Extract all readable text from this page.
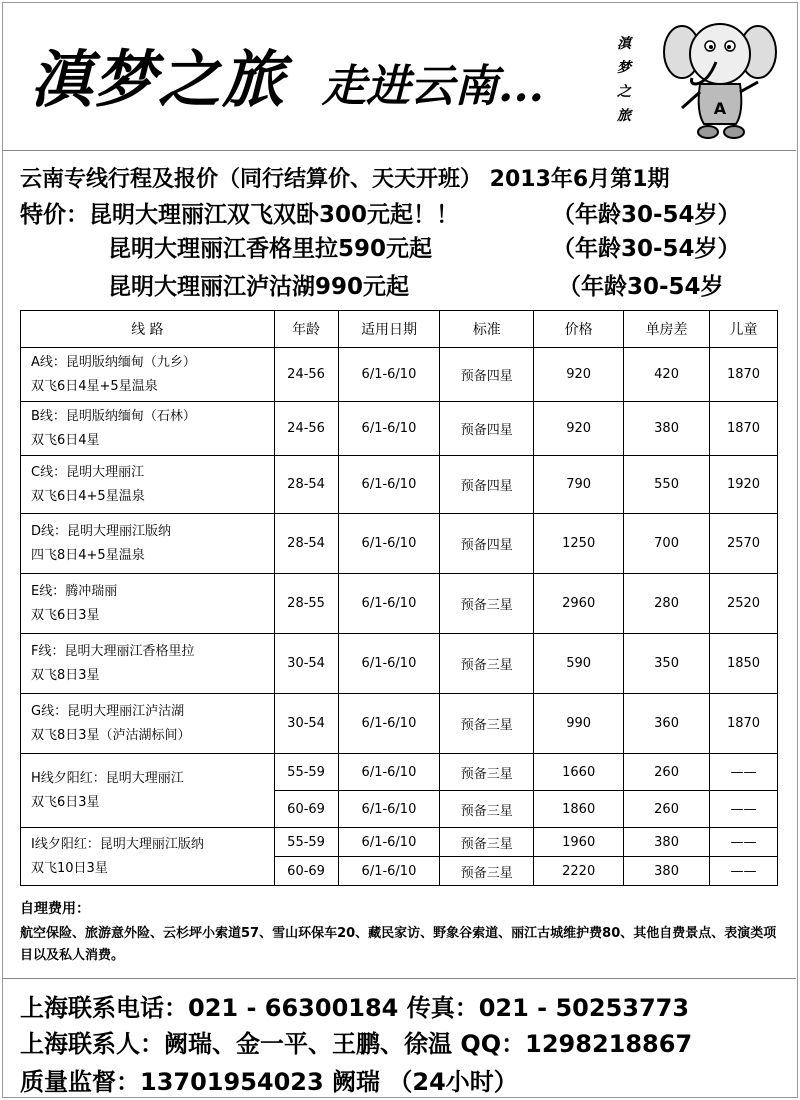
滇梦之旅 走进云南...
滇
梦
之
旅	A
云南专线行程及报价（同行结算价、天天开班） 2013年6月第1期
特价：昆明大理丽江双飞双卧300元起！！	（年龄30-54岁）
昆明大理丽江香格里拉590元起	（年龄30-54岁）
昆明大理丽江泸沽湖990元起	（年龄30-54岁
线 路	年龄	适用日期	标准	价格	单房差	儿童

A线：昆明版纳缅甸（九乡）
双飞6日4星+5星温泉	24-56	6/1-6/10	预备四星	920	420	1870

B线：昆明版纳缅甸（石林）
双飞6日4星	24-56	6/1-6/10	预备四星	920	380	1870

C线：昆明大理丽江
双飞6日4+5星温泉	28-54	6/1-6/10	预备四星	790	550	1920

D线：昆明大理丽江版纳
四飞8日4+5星温泉	28-54	6/1-6/10	预备四星	1250	700	2570

E线：腾冲瑞丽
双飞6日3星	28-55	6/1-6/10	预备三星	2960	280	2520

F线：昆明大理丽江香格里拉
双飞8日3星	30-54	6/1-6/10	预备三星	590	350	1850

G线：昆明大理丽江泸沽湖
双飞8日3星（泸沽湖标间）	30-54	6/1-6/10	预备三星	990	360	1870

H线夕阳红：昆明大理丽江
双飞6日3星	55-59	6/1-6/10	预备三星	1660	260	——
	60-69	6/1-6/10	预备三星	1860	260	——

I线夕阳红：昆明大理丽江版纳
双飞10日3星	55-59	6/1-6/10	预备三星	1960	380	——
	60-69	6/1-6/10	预备三星	2220	380	——
自理费用：
航空保险、旅游意外险、云杉坪小索道57、雪山环保车20、藏民家访、野象谷索道、丽江古城维护费80、其他自费景点、表演类项目以及私人消费。
上海联系电话：021 - 66300184 传真：021 - 50253773
上海联系人：阙瑞、金一平、王鹏、徐温 QQ：1298218867
质量监督：13701954023 阙瑞 （24小时）
